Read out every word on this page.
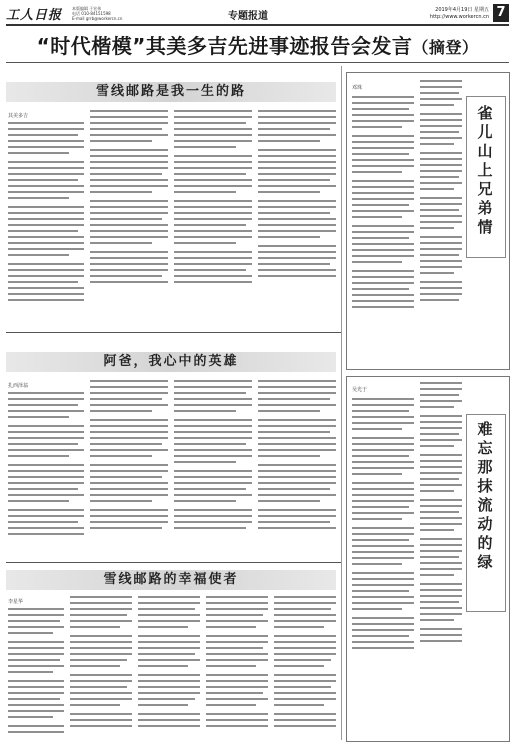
工人日报 本版编辑 于宏伟
电话 010-84151598
E-mail grrb@workercn.cn	专题报道
2019年4月19日 星期五
http://www.workercn.cn 7
“时代楷模”其美多吉先进事迹报告会发言（摘登）
雪线邮路是我一生的路
其美多吉
阿爸，我心中的英雄
扎西泽翁
雪线邮路的幸福使者
李星华
邓珠
雀儿山上兄弟情
吴光于
难忘那抹流动的绿
